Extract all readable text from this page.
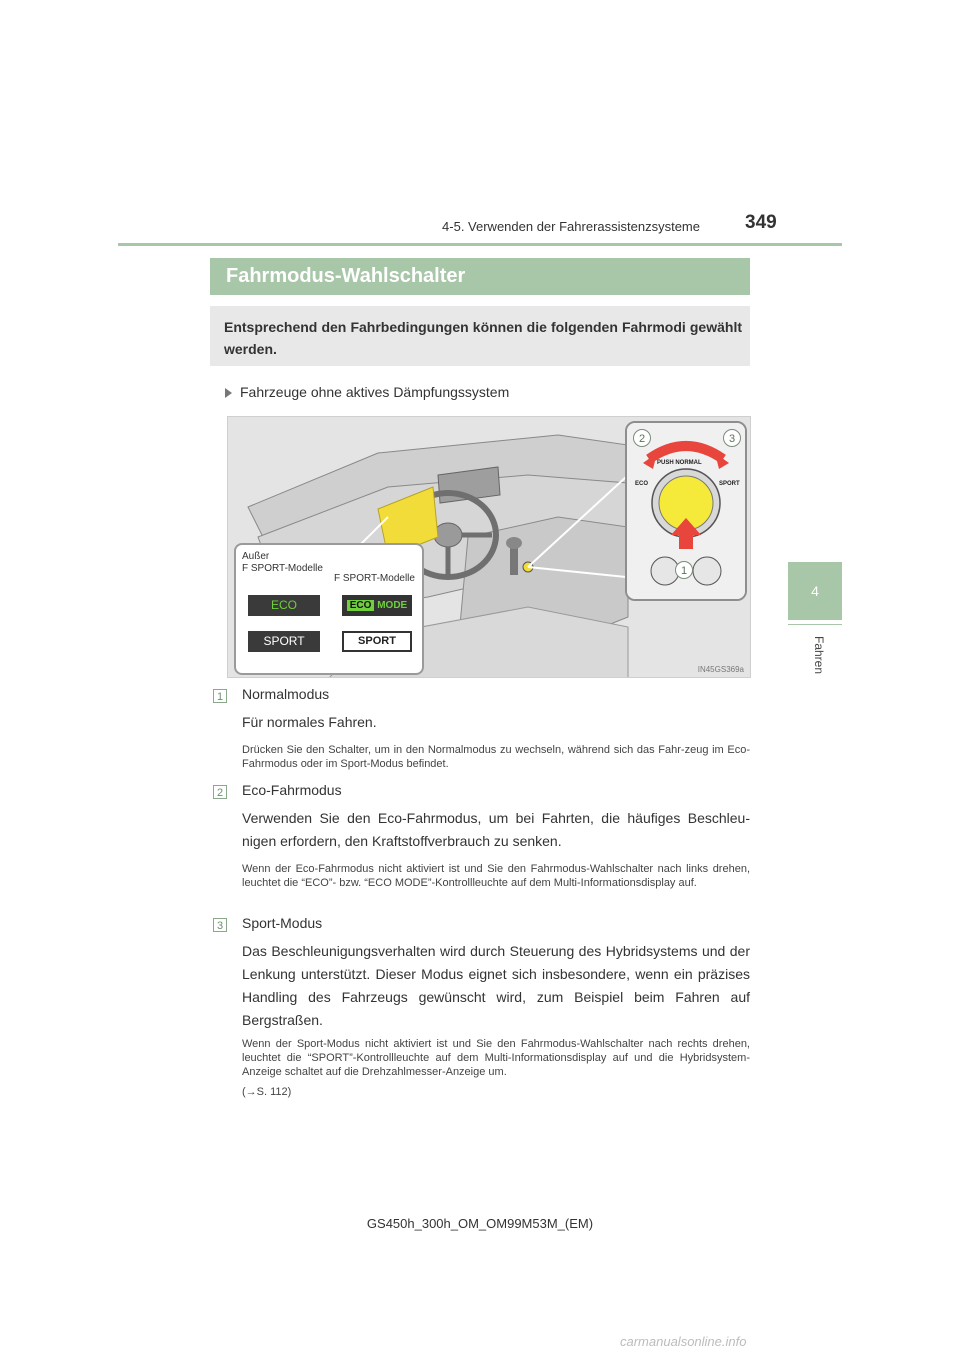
4-5. Verwenden der Fahrerassistenzsysteme 349
4
Fahren
Fahrmodus-Wahlschalter
Entsprechend den Fahrbedingungen können die folgenden Fahrmodi gewählt werden.
Fahrzeuge ohne aktives Dämpfungssystem
PUSH NORMAL
ECO	SPORT
2	3
1
Außer
F SPORT-Modelle
F SPORT-Modelle
ECO
SPORT
ECO MODE
SPORT
IN45GS369a
1 Normalmodus
Für normales Fahren.
Drücken Sie den Schalter, um in den Normalmodus zu wechseln, während sich das Fahr-zeug im Eco-Fahrmodus oder im Sport-Modus befindet.
2 Eco-Fahrmodus
Verwenden Sie den Eco-Fahrmodus, um bei Fahrten, die häufiges Beschleu-nigen erfordern, den Kraftstoffverbrauch zu senken.
Wenn der Eco-Fahrmodus nicht aktiviert ist und Sie den Fahrmodus-Wahlschalter nach links drehen, leuchtet die “ECO”- bzw. “ECO MODE”-Kontrollleuchte auf dem Multi-Informationsdisplay auf.
3 Sport-Modus
Das Beschleunigungsverhalten wird durch Steuerung des Hybridsystems und der Lenkung unterstützt. Dieser Modus eignet sich insbesondere, wenn ein präzises Handling des Fahrzeugs gewünscht wird, zum Beispiel beim Fahren auf Bergstraßen.
Wenn der Sport-Modus nicht aktiviert ist und Sie den Fahrmodus-Wahlschalter nach rechts drehen, leuchtet die “SPORT”-Kontrollleuchte auf dem Multi-Informationsdisplay auf und die Hybridsystem-Anzeige schaltet auf die Drehzahlmesser-Anzeige um.
(→S. 112)
GS450h_300h_OM_OM99M53M_(EM)
carmanualsonline.info
